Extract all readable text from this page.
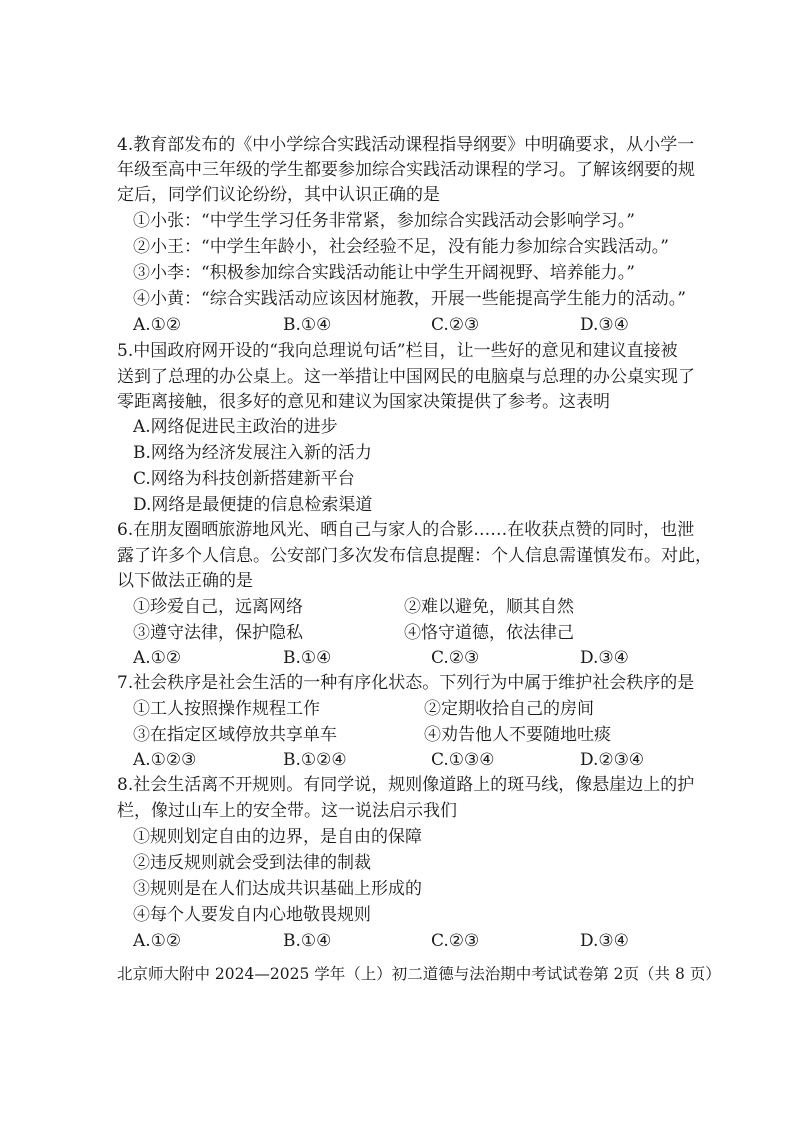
4.教育部发布的《中小学综合实践活动课程指导纲要》中明确要求，从小学一
年级至高中三年级的学生都要参加综合实践活动课程的学习。了解该纲要的规
定后，同学们议论纷纷，其中认识正确的是
①小张：“中学生学习任务非常紧，参加综合实践活动会影响学习。”
②小王：“中学生年龄小，社会经验不足，没有能力参加综合实践活动。”
③小李：“积极参加综合实践活动能让中学生开阔视野、培养能力。”
④小黄：“综合实践活动应该因材施教，开展一些能提高学生能力的活动。”
A.①②	B.①④	C.②③	D.③④
5.中国政府网开设的“我向总理说句话”栏目，让一些好的意见和建议直接被
送到了总理的办公桌上。这一举措让中国网民的电脑桌与总理的办公桌实现了
零距离接触，很多好的意见和建议为国家决策提供了参考。这表明
A.网络促进民主政治的进步
B.网络为经济发展注入新的活力
C.网络为科技创新搭建新平台
D.网络是最便捷的信息检索渠道
6.在朋友圈晒旅游地风光、晒自己与家人的合影……在收获点赞的同时，也泄
露了许多个人信息。公安部门多次发布信息提醒：个人信息需谨慎发布。对此，
以下做法正确的是
①珍爱自己，远离网络	②难以避免，顺其自然
③遵守法律，保护隐私	④恪守道德，依法律己
A.①②	B.①④	C.②③	D.③④
7.社会秩序是社会生活的一种有序化状态。下列行为中属于维护社会秩序的是
①工人按照操作规程工作	②定期收拾自己的房间
③在指定区域停放共享单车	④劝告他人不要随地吐痰
A.①②③	B.①②④	C.①③④	D.②③④
8.社会生活离不开规则。有同学说，规则像道路上的斑马线，像悬崖边上的护
栏，像过山车上的安全带。这一说法启示我们
①规则划定自由的边界，是自由的保障
②违反规则就会受到法律的制裁
③规则是在人们达成共识基础上形成的
④每个人要发自内心地敬畏规则
A.①②	B.①④	C.②③	D.③④
北京师大附中 2024—2025 学年（上）初二道德与法治期中考试试卷第 2页（共 8 页）
